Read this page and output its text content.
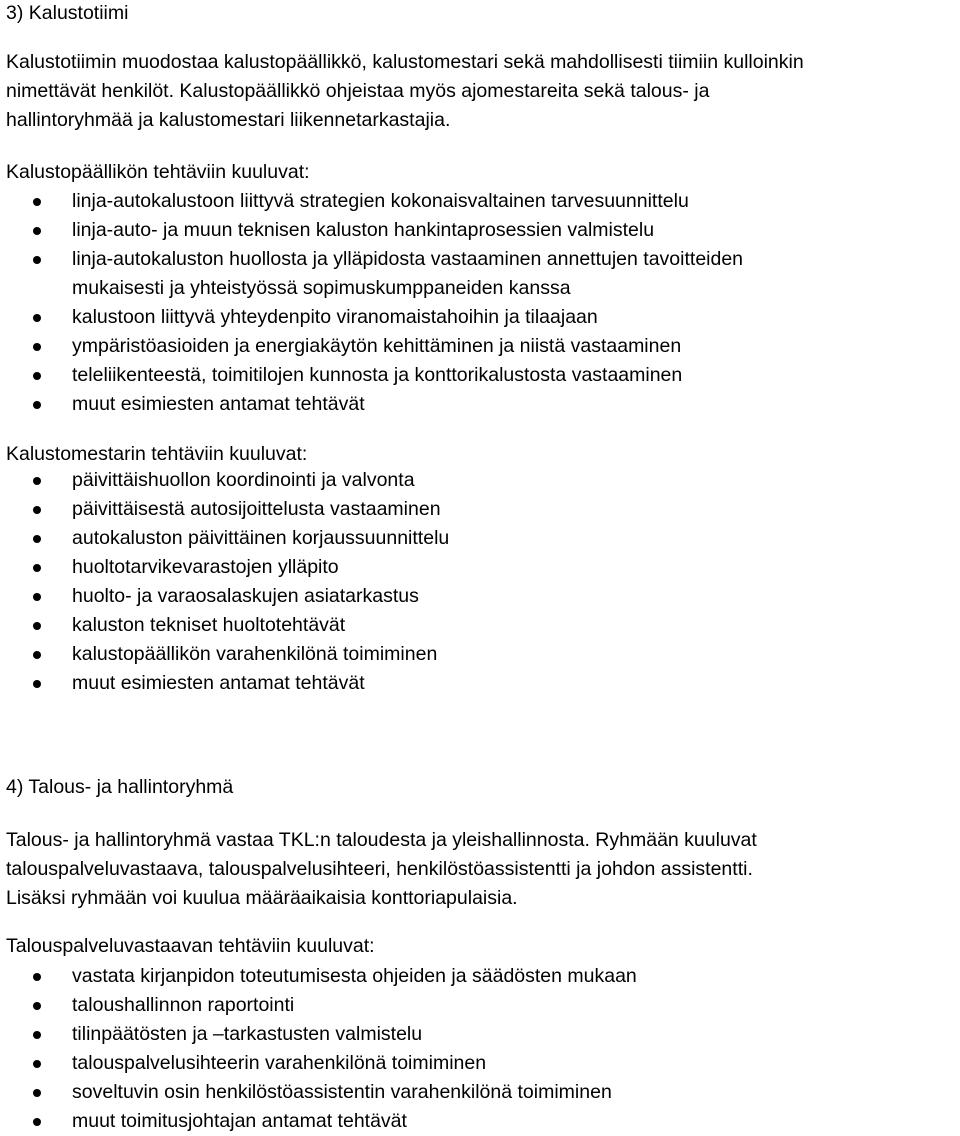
3) Kalustotiimi
Kalustotiimin muodostaa kalustopäällikkö, kalustomestari sekä mahdollisesti tiimiin kulloinkin
nimettävät henkilöt. Kalustopäällikkö ohjeistaa myös ajomestareita sekä talous- ja
hallintoryhmää ja kalustomestari liikennetarkastajia.
Kalustopäällikön tehtäviin kuuluvat:
linja-autokalustoon liittyvä strategien kokonaisvaltainen tarvesuunnittelu
linja-auto- ja muun teknisen kaluston hankintaprosessien valmistelu
linja-autokaluston huollosta ja ylläpidosta vastaaminen annettujen tavoitteiden
mukaisesti ja yhteistyössä sopimuskumppaneiden kanssa
kalustoon liittyvä yhteydenpito viranomaistahoihin ja tilaajaan
ympäristöasioiden ja energiakäytön kehittäminen ja niistä vastaaminen
teleliikenteestä, toimitilojen kunnosta ja konttorikalustosta vastaaminen
muut esimiesten antamat tehtävät
Kalustomestarin tehtäviin kuuluvat:
päivittäishuollon koordinointi ja valvonta
päivittäisestä autosijoittelusta vastaaminen
autokaluston päivittäinen korjaussuunnittelu
huoltotarvikevarastojen ylläpito
huolto- ja varaosalaskujen asiatarkastus
kaluston tekniset huoltotehtävät
kalustopäällikön varahenkilönä toimiminen
muut esimiesten antamat tehtävät
4) Talous- ja hallintoryhmä
Talous- ja hallintoryhmä vastaa TKL:n taloudesta ja yleishallinnosta. Ryhmään kuuluvat
talouspalveluvastaava, talouspalvelusihteeri, henkilöstöassistentti ja johdon assistentti.
Lisäksi ryhmään voi kuulua määräaikaisia konttoriapulaisia.
Talouspalveluvastaavan tehtäviin kuuluvat:
vastata kirjanpidon toteutumisesta ohjeiden ja säädösten mukaan
taloushallinnon raportointi
tilinpäätösten ja –tarkastusten valmistelu
talouspalvelusihteerin varahenkilönä toimiminen
soveltuvin osin henkilöstöassistentin varahenkilönä toimiminen
muut toimitusjohtajan antamat tehtävät
